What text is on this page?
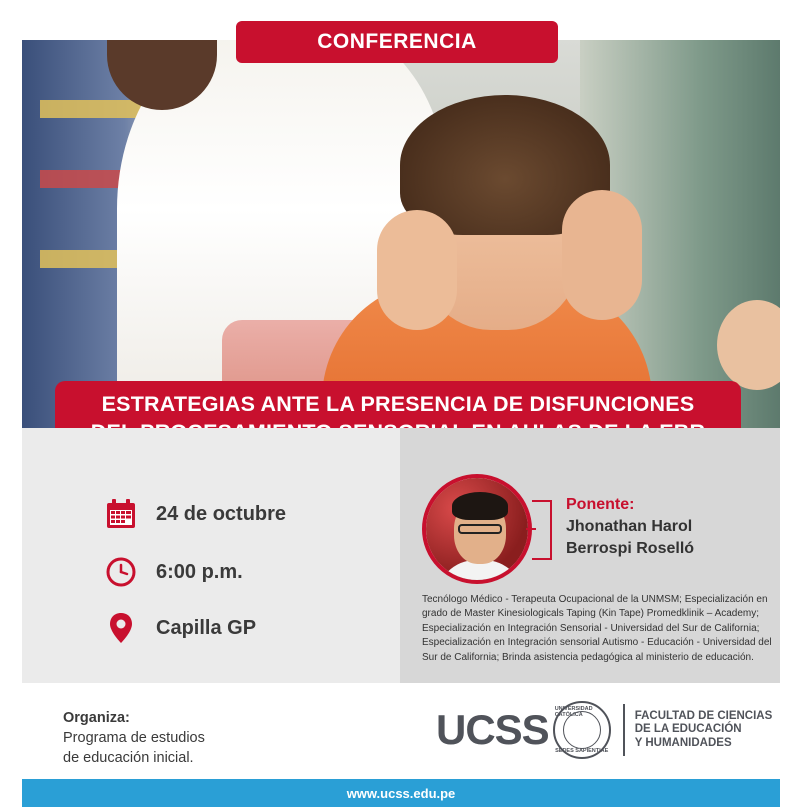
CONFERENCIA
ESTRATEGIAS ANTE LA PRESENCIA DE DISFUNCIONES
24 de octubre
6:00 p.m.
Capilla GP
Ponente:
Jhonathan Harol
Berrospi Roselló
Tecnólogo Médico - Terapeuta Ocupacional de la UNMSM; Especialización en grado de Master Kinesiologicals Taping (Kin Tape) Promedklinik – Academy; Especialización en Integración Sensorial - Universidad del Sur de California; Especialización en Integración sensorial Autismo - Educación - Universidad del Sur de California; Brinda asistencia pedagógica al ministerio de educación.
Organiza:
Programa de estudios
de educación inicial.
UCSS UNIVERSIDAD CATÓLICA
SEDES SAPIENTIAE
FACULTAD DE CIENCIAS
DE LA EDUCACIÓN
Y HUMANIDADES
www.ucss.edu.pe
